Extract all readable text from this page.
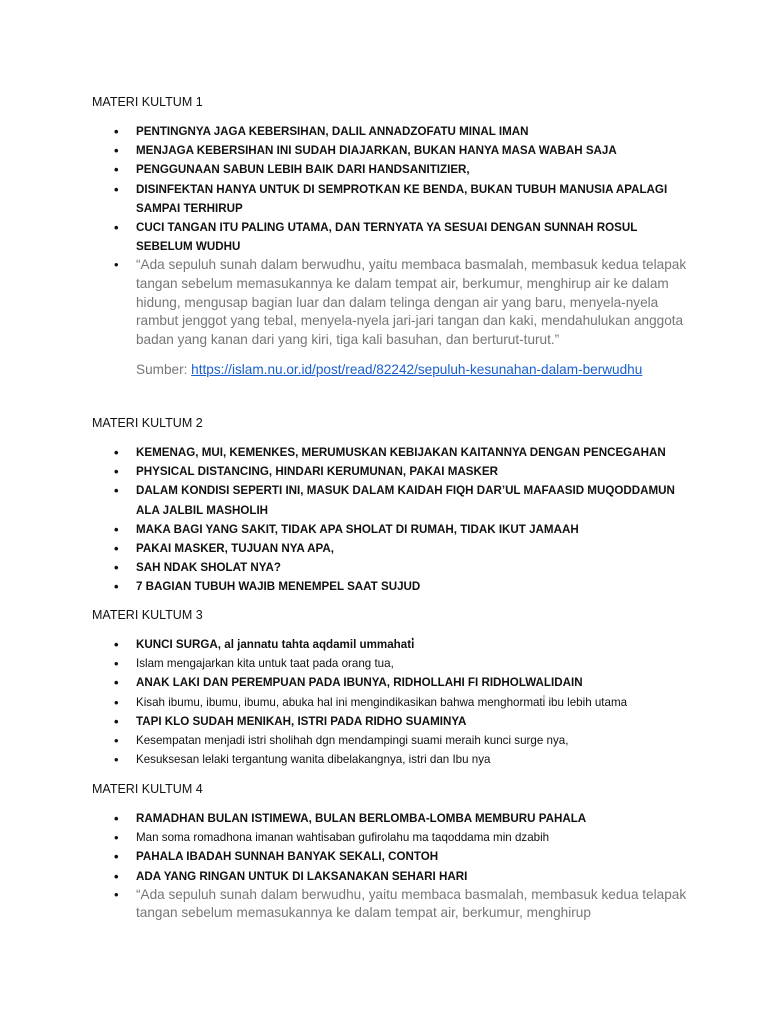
MATERI KULTUM 1
• PENTINGNYA JAGA KEBERSIHAN, DALIL ANNADZOFATU MINAL IMAN
• MENJAGA KEBERSIHAN INI SUDAH DIAJARKAN, BUKAN HANYA MASA WABAH SAJA
• PENGGUNAAN SABUN LEBIH BAIK DARI HANDSANITIZIER,
• DISINFEKTAN HANYA UNTUK DI SEMPROTKAN KE BENDA, BUKAN TUBUH MANUSIA APALAGI SAMPAI TERHIRUP
• CUCI TANGAN ITU PALING UTAMA, DAN TERNYATA YA SESUAI DENGAN SUNNAH ROSUL SEBELUM WUDHU
• “Ada sepuluh sunah dalam berwudhu, yaitu membaca basmalah, membasuk kedua telapak tangan sebelum memasukannya ke dalam tempat air, berkumur, menghirup air ke dalam hidung, mengusap bagian luar dan dalam telinga dengan air yang baru, menyela-nyela rambut jenggot yang tebal, menyela-nyela jari-jari tangan dan kaki, mendahulukan anggota badan yang kanan dari yang kiri, tiga kali basuhan, dan berturut-turut.”
Sumber: https://islam.nu.or.id/post/read/82242/sepuluh-kesunahan-dalam-berwudhu
MATERI KULTUM 2
• KEMENAG, MUI, KEMENKES, MERUMUSKAN KEBIJAKAN KAITANNYA DENGAN PENCEGAHAN
• PHYSICAL DISTANCING, HINDARI KERUMUNAN, PAKAI MASKER
• DALAM KONDISI SEPERTI INI, MASUK DALAM KAIDAH FIQH DAR’UL MAFAASID MUQODDAMUN ALA JALBIL MASHOLIH
• MAKA BAGI YANG SAKIT, TIDAK APA SHOLAT DI RUMAH, TIDAK IKUT JAMAAH
• PAKAI MASKER, TUJUAN NYA APA,
• SAH NDAK SHOLAT NYA?
• 7 BAGIAN TUBUH WAJIB MENEMPEL SAAT SUJUD
MATERI KULTUM 3
• KUNCI SURGA, al jannatu tahta aqdamil ummahati̇
• Islam mengajarkan kita untuk taat pada orang tua,
• ANAK LAKI DAN PEREMPUAN PADA IBUNYA, RIDHOLLAHI FI RIDHOLWALIDAIN
• Kisah ibumu, ibumu, ibumu, abuka hal ini mengindikasikan bahwa menghormati̇ ibu lebih utama
• TAPI KLO SUDAH MENIKAH, ISTRI PADA RIDHO SUAMINYA
• Kesempatan menjadi istri sholihah dgn mendampingi suami meraih kunci surge nya,
• Kesuksesan lelaki tergantung wanita dibelakangnya, istri dan Ibu nya
MATERI KULTUM 4
• RAMADHAN BULAN ISTIMEWA, BULAN BERLOMBA-LOMBA MEMBURU PAHALA
• Man soma romadhona imanan wahti̇saban gufirolahu ma taqoddama min dzabih
• PAHALA IBADAH SUNNAH BANYAK SEKALI, CONTOH
• ADA YANG RINGAN UNTUK DI LAKSANAKAN SEHARI HARI
• “Ada sepuluh sunah dalam berwudhu, yaitu membaca basmalah, membasuk kedua telapak tangan sebelum memasukannya ke dalam tempat air, berkumur, menghirup
